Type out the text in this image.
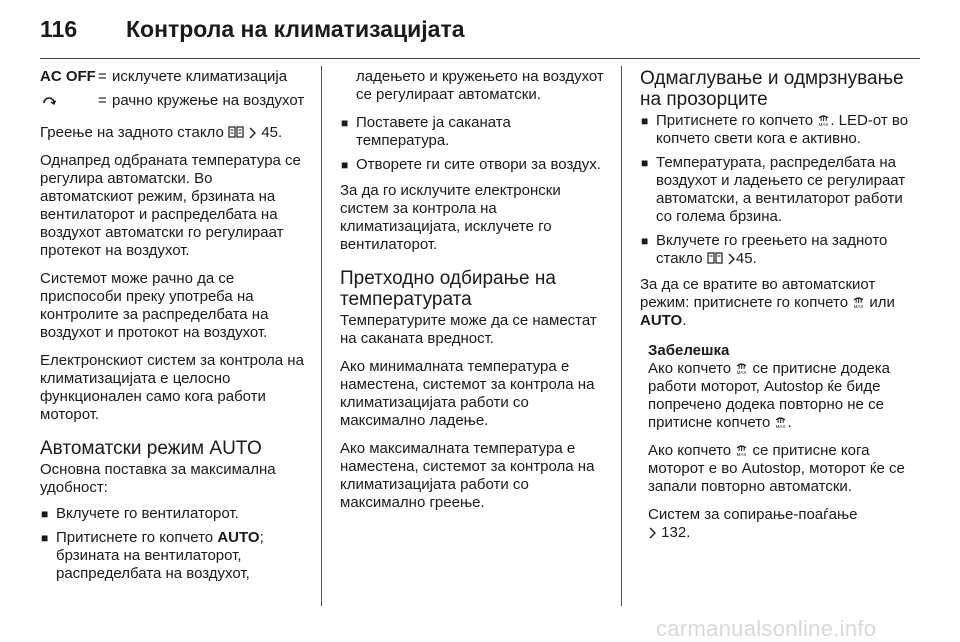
116 Контрола на климатизацијата
AC OFF = исклучете климатизација
= рачно кружење на воздухот

Греење на задното стакло	45.

Однапред одбраната температура се регулира автоматски. Во автоматскиот режим, брзината на вентилаторот и распределбата на воздухот автоматски го регулираат протекот на воздухот.

Системот може рачно да се приспособи преку употреба на контролите за распределбата на воздухот и протокот на воздухот.

Електронскиот систем за контрола на климатизацијата е целосно функционален само кога работи моторот.

Автоматски режим AUTO

Основна поставка за максимална удобност:

■ Вклучете го вентилаторот.
■ Притиснете го копчето AUTO; брзината на вентилаторот, распределбата на воздухот,

ладењето и кружењето на воздухот се регулираат автоматски.

■ Поставете ја саканата температура.
■ Отворете ги сите отвори за воздух.

За да го исклучите електронски систем за контрола на климатизацијата, исклучете го вентилаторот.

Претходно одбирање на температурата

Температурите може да се наместат на саканата вредност.

Ако минималната температура е наместена, системот за контрола на климатизацијата работи со максимално ладење.

Ако максималната температура е наместена, системот за контрола на климатизацијата работи со максимално греење.

Одмаглување и одмрзнување на прозорците
■ Притиснете го копчето MAX . LED-от во копчето свети кога е активно.
■ Температурата, распределбата на воздухот и ладењето се регулираат автоматски, а вентилаторот работи со голема брзина.
■ Вклучете го греењето на задното стакло 45.

За да се вратите во автоматскиот режим: притиснете го копчето MAX или AUTO.

Забелешка

Ако копчето MAX се притисне додека работи моторот, Autostop ќе биде попречено додека повторно не се притисне копчето MAX .

Ако копчето MAX се притисне кога моторот е во Autostop, моторот ќе се запали повторно автоматски.

Систем за сопирање-поаѓање
132.

carmanualsonline.info
